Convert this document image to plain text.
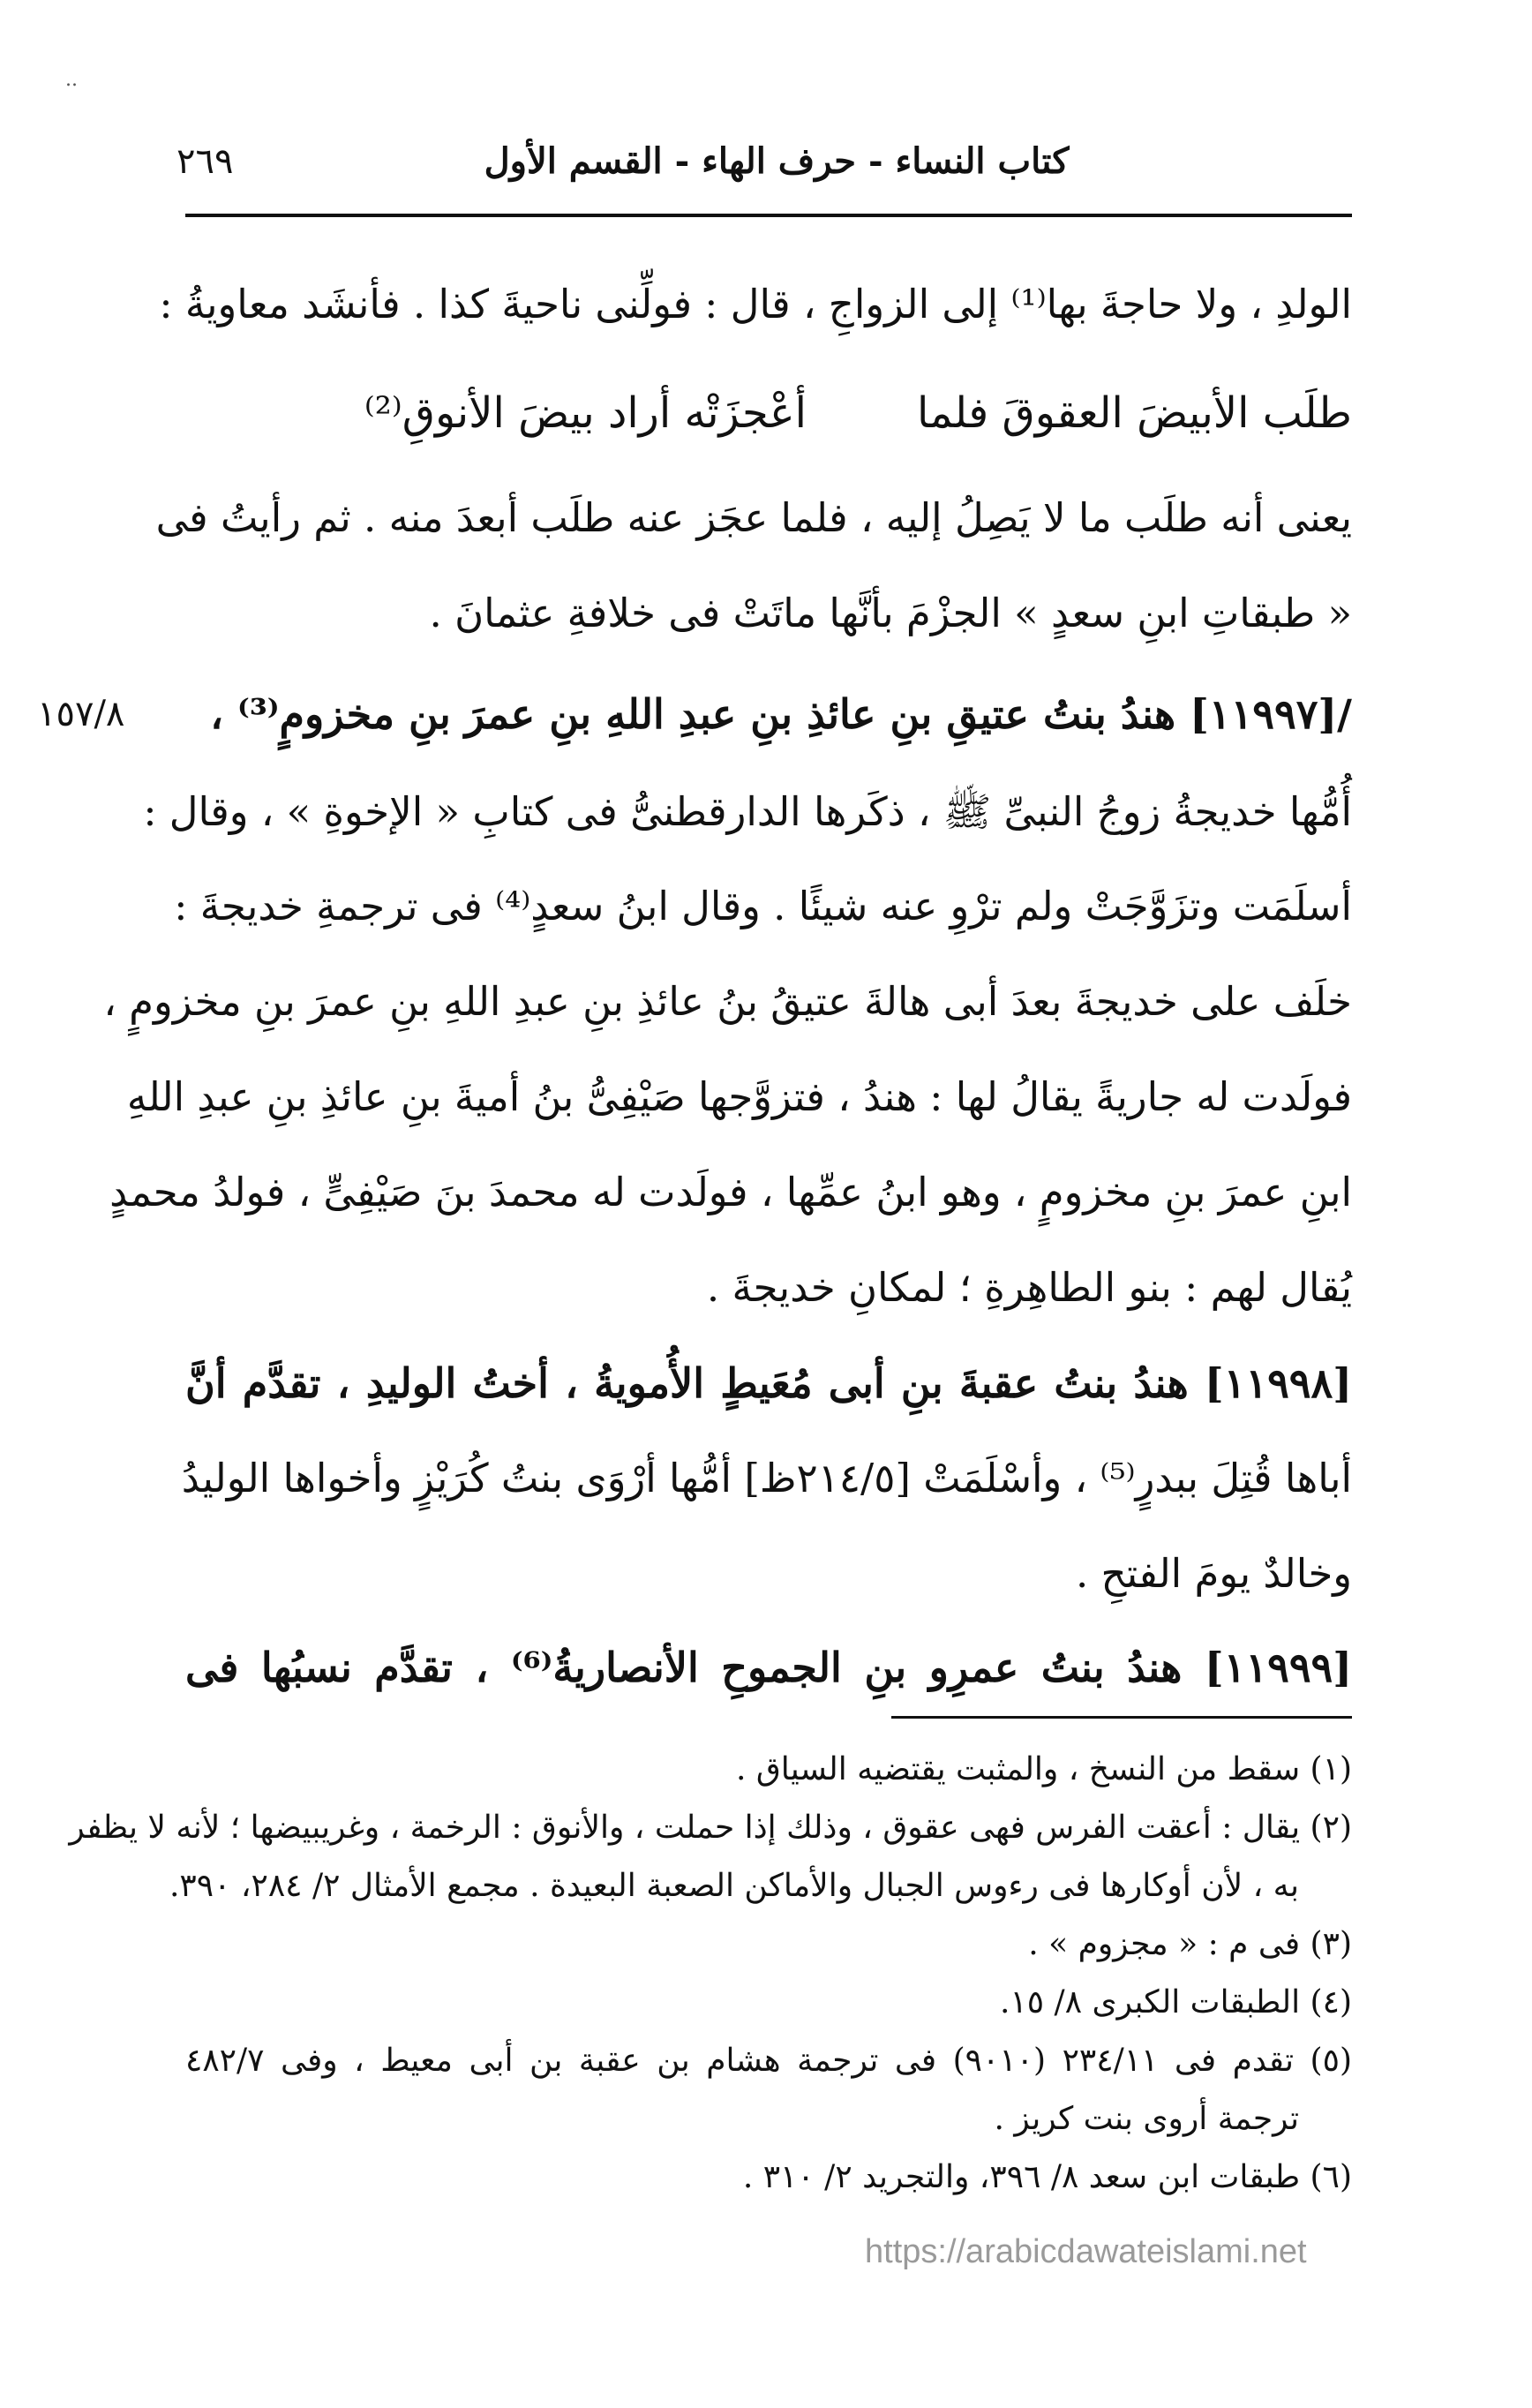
..
كتاب النساء - حرف الهاء - القسم الأول
٢٦٩
الولدِ ، ولا حاجةَ بها⁽¹⁾ إلى الزواجِ ، قال : فولِّنى ناحيةَ كذا . فأنشَد معاويةُ :
طلَب الأبيضَ العقوقَ فلما
أعْجزَتْه أراد بيضَ الأنوقِ⁽²⁾
يعنى أنه طلَب ما لا يَصِلُ إليه ، فلما عجَز عنه طلَب أبعدَ منه . ثم رأيتُ فى
« طبقاتِ ابنِ سعدٍ » الجزْمَ بأنَّها ماتَتْ فى خلافةِ عثمانَ .
/[١١٩٩٧] هندُ بنتُ عتيقِ بنِ عائذِ بنِ عبدِ اللهِ بنِ عمرَ بنِ مخزومٍ⁽³⁾ ،
١٥٧/٨
أُمُّها خديجةُ زوجُ النبىِّ ﷺ ، ذكَرها الدارقطنىُّ فى كتابِ « الإخوةِ » ، وقال :
أسلَمَت وتزَوَّجَتْ ولم ترْوِ عنه شيئًا . وقال ابنُ سعدٍ⁽⁴⁾ فى ترجمةِ خديجةَ :
خلَف على خديجةَ بعدَ أبى هالةَ عتيقُ بنُ عائذِ بنِ عبدِ اللهِ بنِ عمرَ بنِ مخزومٍ ،
فولَدت له جاريةً يقالُ لها : هندُ ، فتزوَّجها صَيْفِىُّ بنُ أميةَ بنِ عائذِ بنِ عبدِ اللهِ
ابنِ عمرَ بنِ مخزومٍ ، وهو ابنُ عمِّها ، فولَدت له محمدَ بنَ صَيْفِىٍّ ، فولدُ محمدٍ
يُقال لهم : بنو الطاهِرةِ ؛ لمكانِ خديجةَ .
[١١٩٩٨] هندُ بنتُ عقبةَ بنِ أبى مُعَيطٍ الأُمويةُ ، أختُ الوليدِ ، تقدَّم أنَّ
أباها قُتِلَ ببدرٍ⁽⁵⁾ ، وأسْلَمَتْ [٢١٤/٥ظ] أمُّها أرْوَى بنتُ كُرَيْزٍ وأخواها الوليدُ
وخالدٌ يومَ الفتحِ .
[١١٩٩٩] هندُ بنتُ عمرِو بنِ الجموحِ الأنصاريةُ⁽⁶⁾ ، تقدَّم نسبُها فى
(١) سقط من النسخ ، والمثبت يقتضيه السياق .
(٢) يقال : أعقت الفرس فهى عقوق ، وذلك إذا حملت ، والأنوق : الرخمة ، وغريبيضها ؛ لأنه لا يظفر
به ، لأن أوكارها فى رءوس الجبال والأماكن الصعبة البعيدة . مجمع الأمثال ٢/ ٢٨٤، ٣٩٠.
(٣) فى م : « مجزوم » .
(٤) الطبقات الكبرى ٨/ ١٥.
(٥) تقدم فى ٢٣٤/١١ (٩٠١٠) فى ترجمة هشام بن عقبة بن أبى معيط ، وفى ٤٨٢/٧
ترجمة أروى بنت كريز .
(٦) طبقات ابن سعد ٨/ ٣٩٦، والتجريد ٢/ ٣١٠ .
https://arabicdawateislami.net
